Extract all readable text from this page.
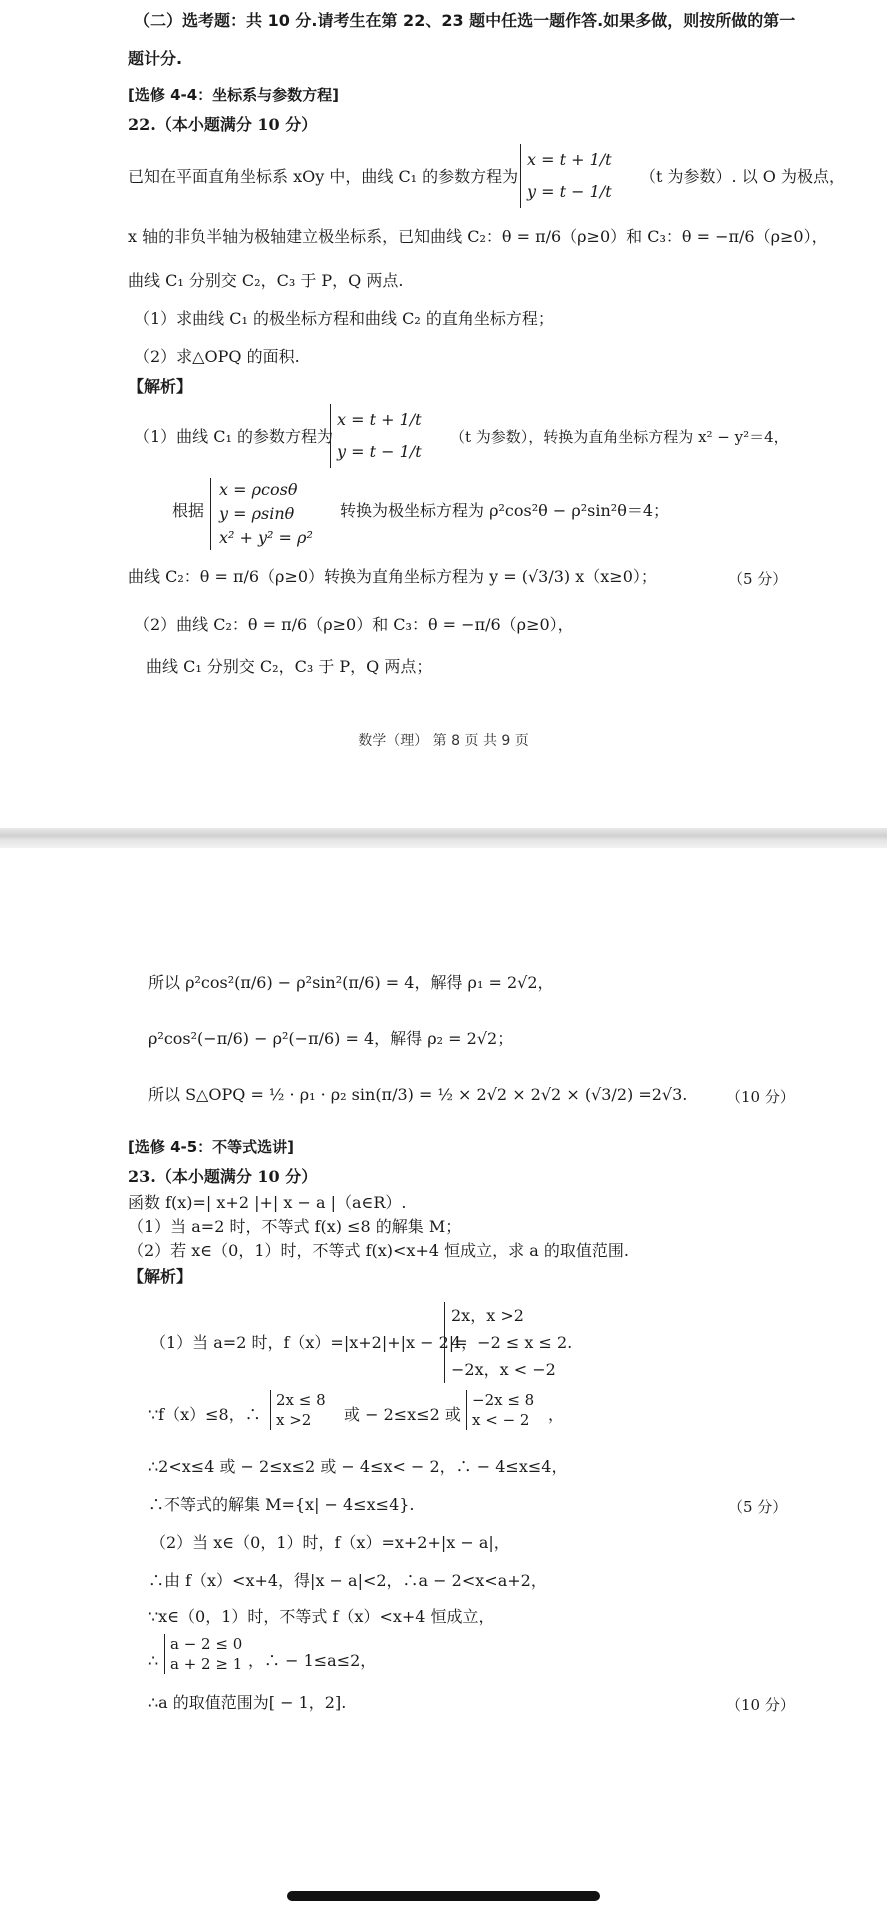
（二）选考题：共 10 分.请考生在第 22、23 题中任选一题作答.如果多做，则按所做的第一
题计分.
[选修 4-4：坐标系与参数方程]
22.（本小题满分 10 分）
已知在平面直角坐标系 xOy 中，曲线 C₁ 的参数方程为
x = t + 1/t
y = t − 1/t
（t 为参数）. 以 O 为极点，
x 轴的非负半轴为极轴建立极坐标系，已知曲线 C₂：θ = π/6（ρ≥0）和 C₃：θ = −π/6（ρ≥0），
曲线 C₁ 分别交 C₂，C₃ 于 P，Q 两点.
（1）求曲线 C₁ 的极坐标方程和曲线 C₂ 的直角坐标方程；
（2）求△OPQ 的面积.
【解析】
（1）曲线 C₁ 的参数方程为
x = t + 1/t
y = t − 1/t
（t 为参数），转换为直角坐标方程为 x² − y²＝4，
根据
x = ρcosθ
y = ρsinθ
x² + y² = ρ²
转换为极坐标方程为 ρ²cos²θ − ρ²sin²θ＝4；
曲线 C₂：θ = π/6（ρ≥0）转换为直角坐标方程为 y = (√3/3) x（x≥0）；	（5 分）
（2）曲线 C₂：θ = π/6（ρ≥0）和 C₃：θ = −π/6（ρ≥0），
曲线 C₁ 分别交 C₂，C₃ 于 P，Q 两点；
数学（理） 第 8 页 共 9 页
所以 ρ²cos²(π/6) − ρ²sin²(π/6) = 4，解得 ρ₁ = 2√2，
ρ²cos²(−π/6) − ρ²(−π/6) = 4，解得 ρ₂ = 2√2；
所以 S△OPQ = ½ · ρ₁ · ρ₂ sin(π/3) = ½ × 2√2 × 2√2 × (√3/2) =2√3.	（10 分）
[选修 4-5：不等式选讲]
23.（本小题满分 10 分）
函数 f(x)=| x+2 |+| x − a |（a∈R）.
（1）当 a=2 时，不等式 f(x) ≤8 的解集 M；
（2）若 x∈（0，1）时，不等式 f(x)<x+4 恒成立，求 a 的取值范围.
【解析】
（1）当 a=2 时，f（x）=|x+2|+|x − 2|=
2x，x >2
4，−2 ≤ x ≤ 2.
−2x，x < −2
∵f（x）≤8，∴
2x ≤ 8
x >2	或 − 2≤x≤2 或
−2x ≤ 8
x < − 2 ，
∴2<x≤4 或 − 2≤x≤2 或 − 4≤x< − 2，∴ − 4≤x≤4，
∴不等式的解集 M={x| − 4≤x≤4}.	（5 分）
（2）当 x∈（0，1）时，f（x）=x+2+|x − a|，
∴由 f（x）<x+4，得|x − a|<2，∴a − 2<x<a+2，
∵x∈（0，1）时，不等式 f（x）<x+4 恒成立，
∴
a − 2 ≤ 0
a + 2 ≥ 1 ，∴ − 1≤a≤2，
∴a 的取值范围为[ − 1，2].	（10 分）
